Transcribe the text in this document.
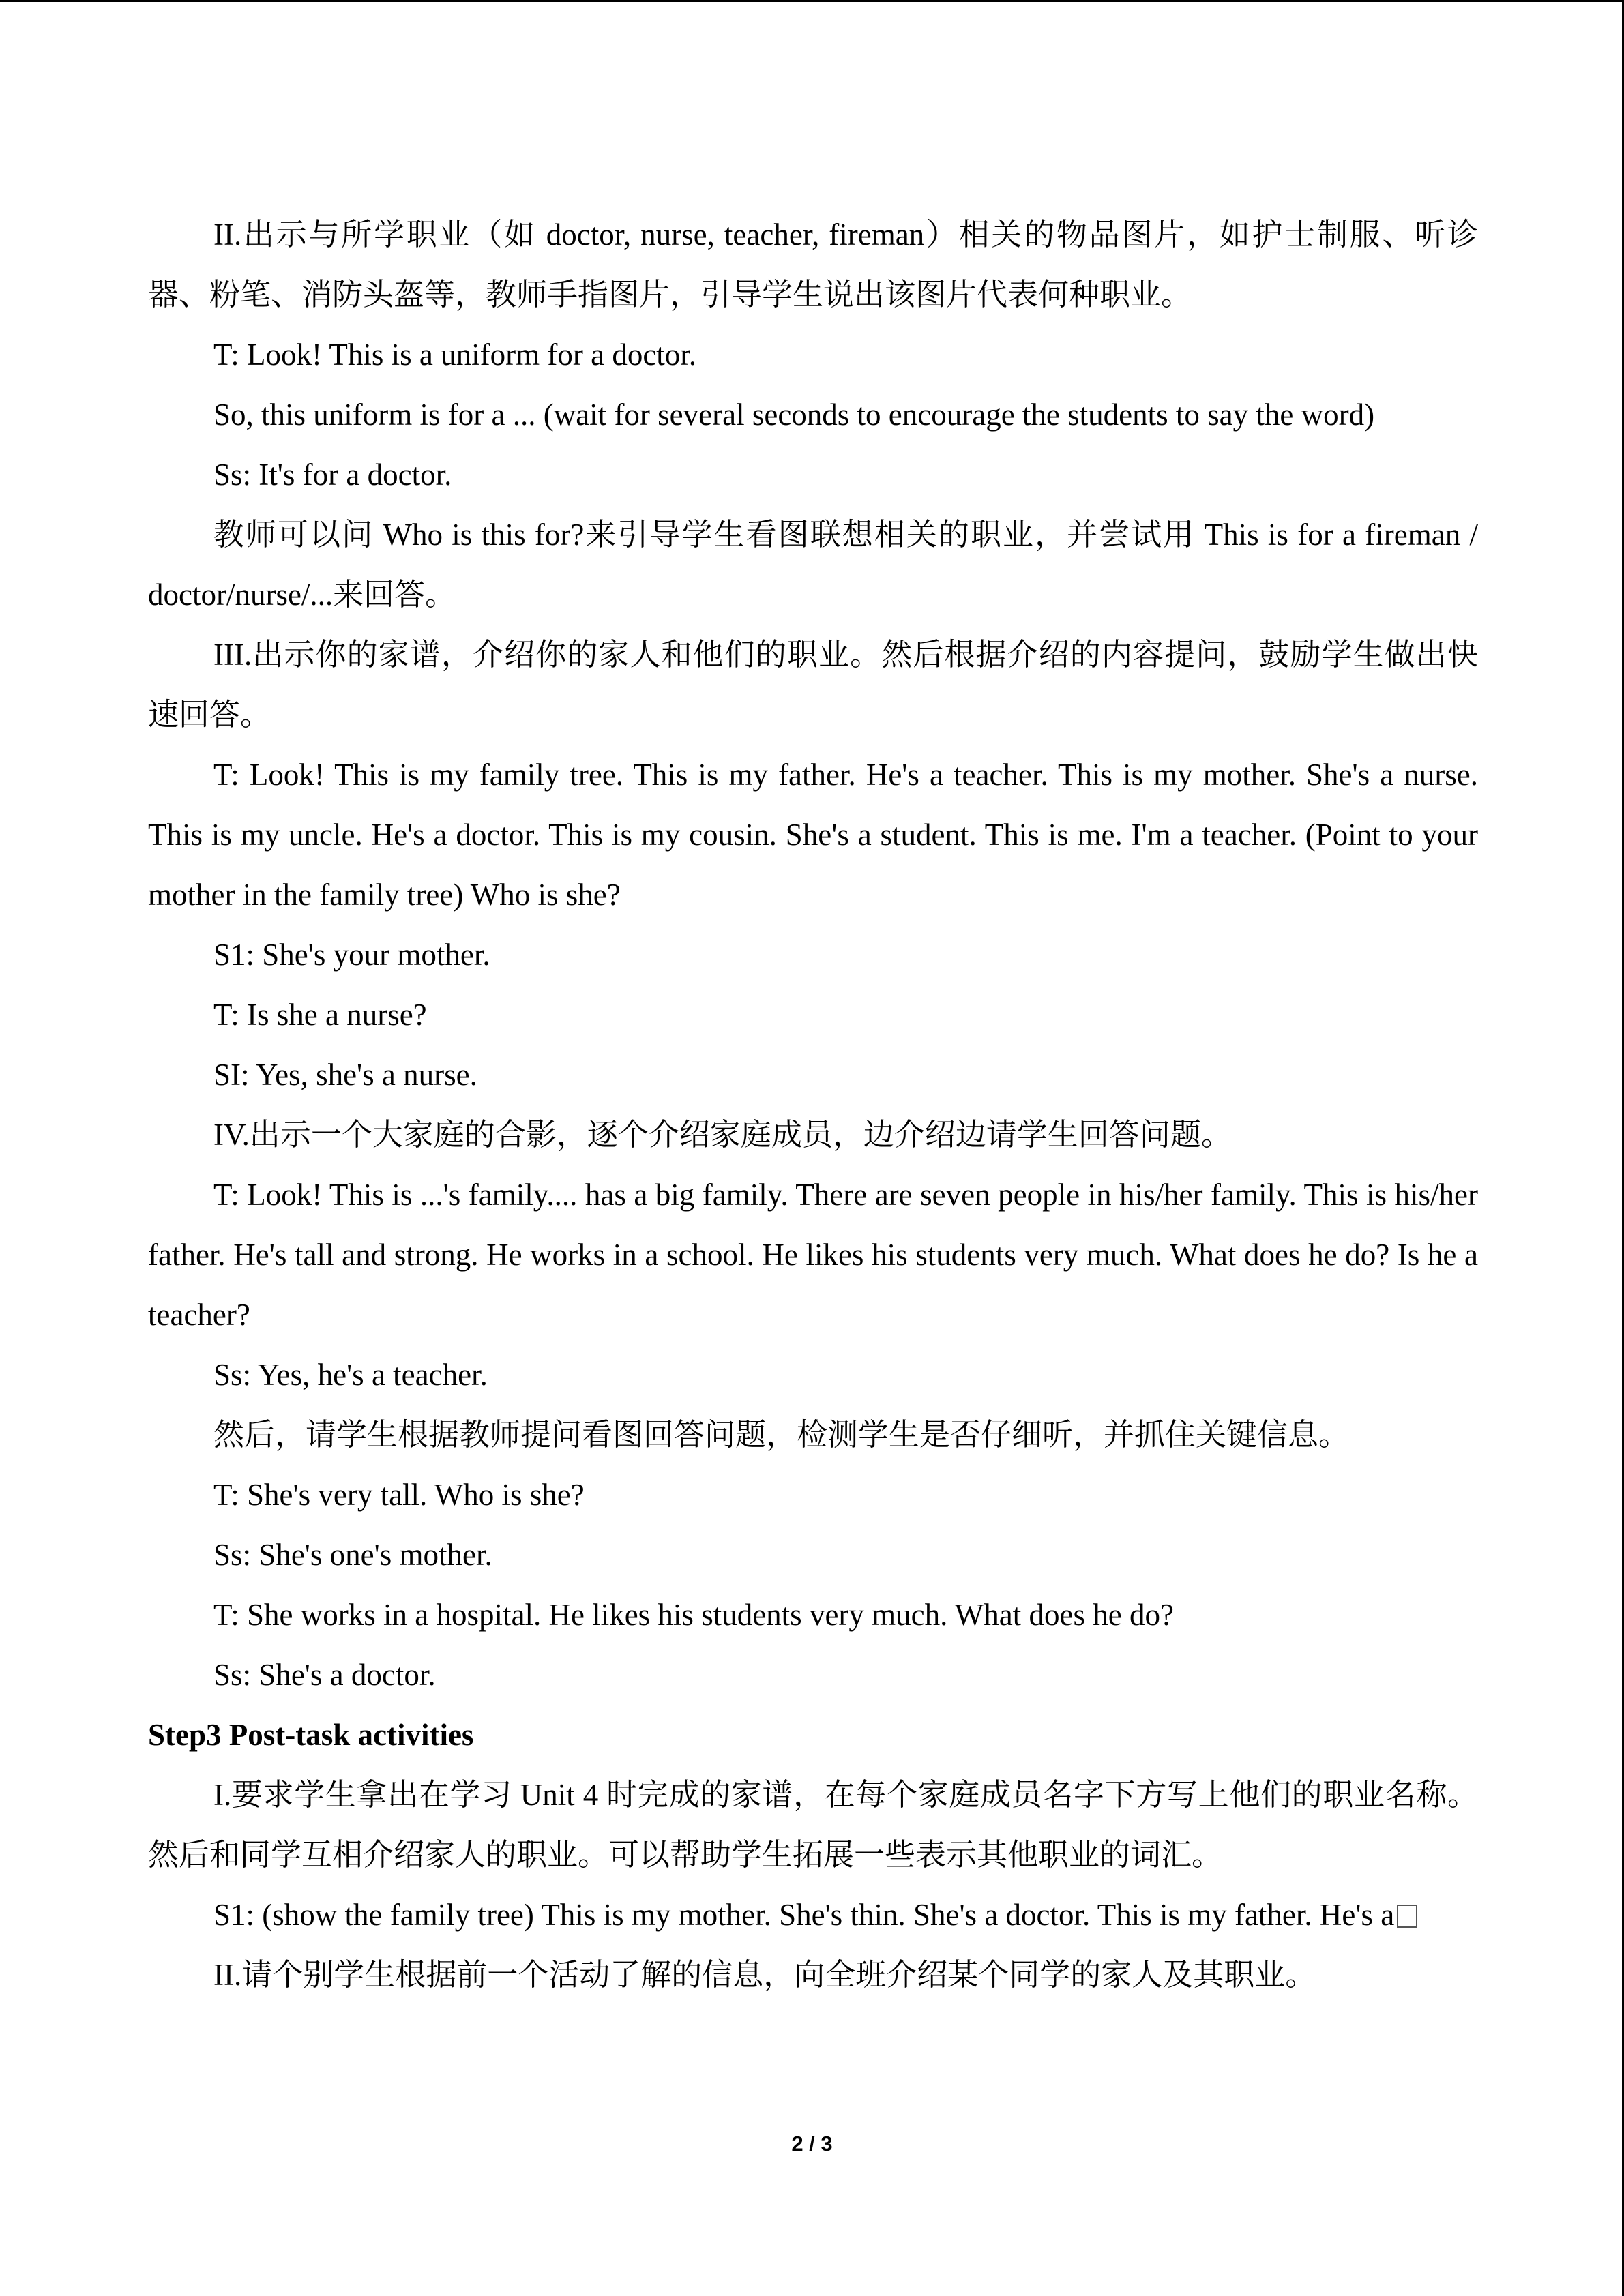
II.出示与所学职业（如 doctor, nurse, teacher, fireman）相关的物品图片，如护士制服、听诊器、粉笔、消防头盔等，教师手指图片，引导学生说出该图片代表何种职业。

T: Look! This is a uniform for a doctor.

So, this uniform is for a ... (wait for several seconds to encourage the students to say the word)

Ss: It's for a doctor.

教师可以问 Who is this for?来引导学生看图联想相关的职业，并尝试用 This is for a fireman / doctor/nurse/...来回答。

III.出示你的家谱，介绍你的家人和他们的职业。然后根据介绍的内容提问，鼓励学生做出快速回答。

T: Look! This is my family tree. This is my father. He's a teacher. This is my mother. She's a nurse. This is my uncle. He's a doctor. This is my cousin. She's a student. This is me. I'm a teacher. (Point to your mother in the family tree) Who is she?

S1: She's your mother.

T: Is she a nurse?

SI: Yes, she's a nurse.

IV.出示一个大家庭的合影，逐个介绍家庭成员，边介绍边请学生回答问题。

T: Look! This is ...'s family.... has a big family. There are seven people in his/her family. This is his/her father. He's tall and strong. He works in a school. He likes his students very much. What does he do? Is he a teacher?

Ss: Yes, he's a teacher.

然后，请学生根据教师提问看图回答问题，检测学生是否仔细听，并抓住关键信息。

T: She's very tall. Who is she?

Ss: She's one's mother.

T: She works in a hospital. He likes his students very much. What does he do?

Ss: She's a doctor.

Step3 Post-task activities

I.要求学生拿出在学习 Unit 4 时完成的家谱，在每个家庭成员名字下方写上他们的职业名称。然后和同学互相介绍家人的职业。可以帮助学生拓展一些表示其他职业的词汇。

S1: (show the family tree) This is my mother. She's thin. She's a doctor. This is my father. He's a

II.请个别学生根据前一个活动了解的信息，向全班介绍某个同学的家人及其职业。

2 / 3
